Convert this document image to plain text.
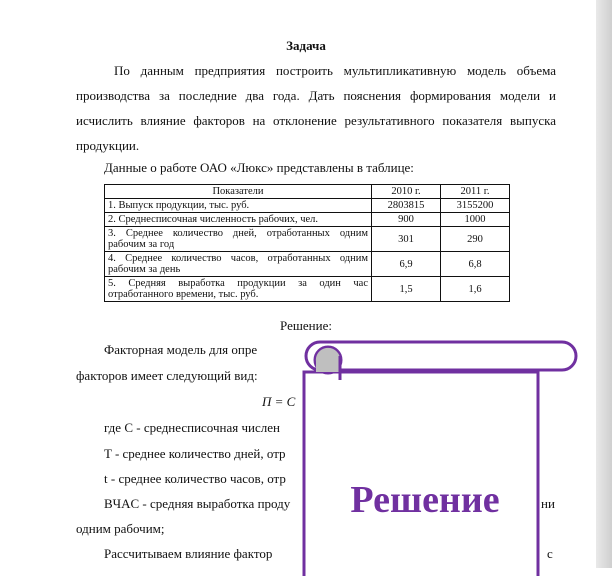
Задача
По данным предприятия построить мультипликативную модель объема производства за последние два года. Дать пояснения формирования модели и исчислить влияние факторов на отклонение результативного показателя выпуска продукции.
Данные о работе ОАО «Люкс» представлены в таблице:
Показатели	2010 г.	2011 г.
1. Выпуск продукции, тыс. руб.	2803815	3155200
2. Среднесписочная численность рабочих, чел.	900	1000
3. Среднее количество дней, отработанных одним рабочим за год	301	290
4. Среднее количество часов, отработанных одним рабочим за день	6,9	6,8
5. Средняя выработка продукции за один час отработанного времени, тыс. руб.	1,5	1,6
Решение:
Факторная модель для опре
факторов имеет следующий вид:
П = С
где C - среднесписочная числен
T - среднее количество дней, отр
t - среднее количество часов, отр
BЧAC - средняя выработка проду	ни
одним рабочим;
Рассчитываем влияние фактор	с
Решение
